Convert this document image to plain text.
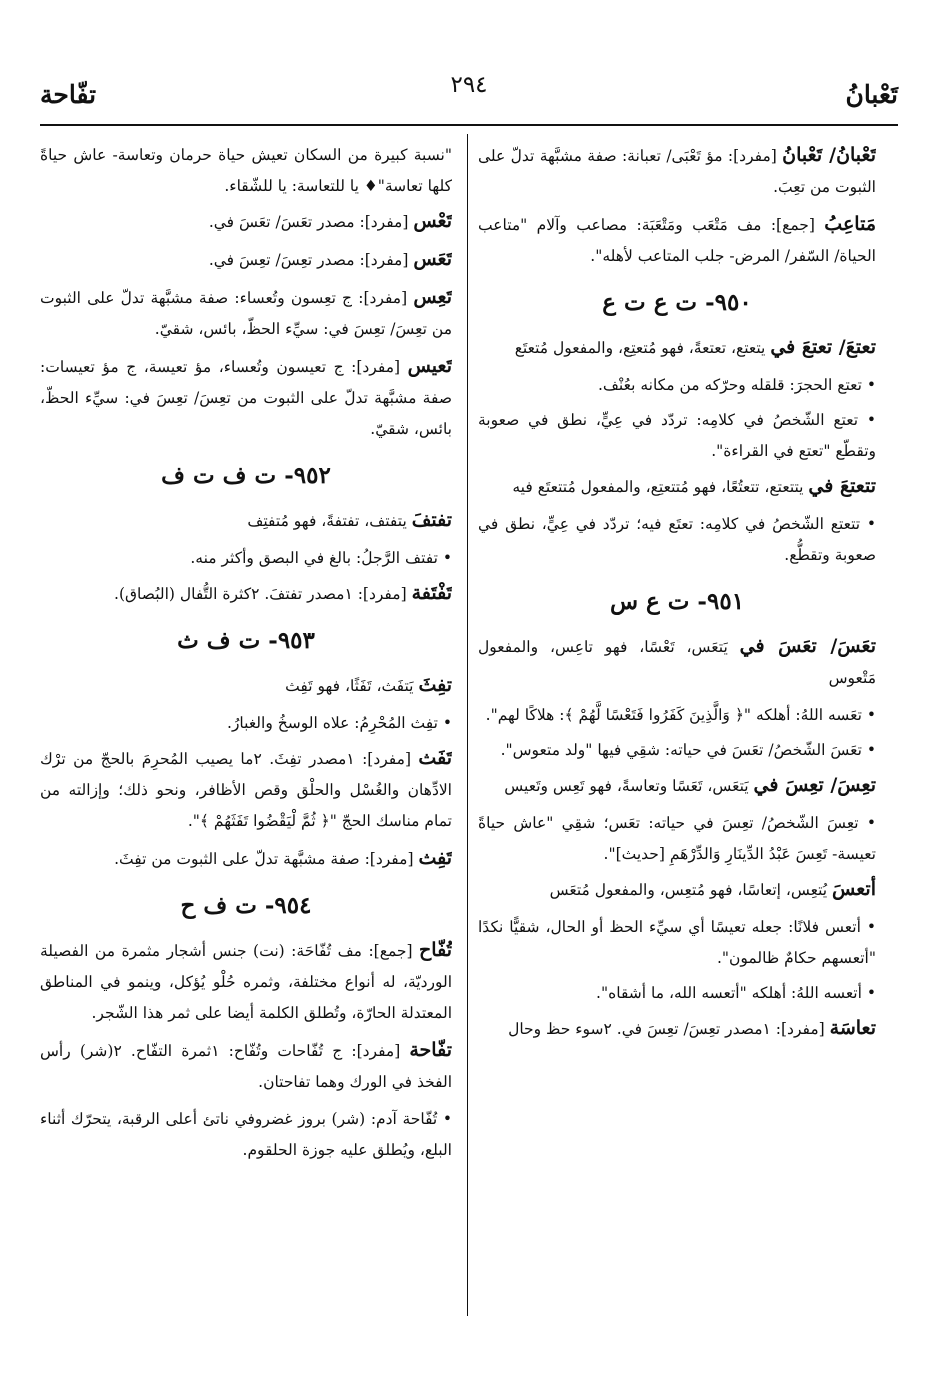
تَعْبانُ
٢٩٤
تفّاحة
تَعْبانُ/ تَعْبانُ [مفرد]: مؤ تَعْبَى/ تعبانة: صفة مشبَّهة تدلّ على الثبوت من تعِبَ.
مَتاعِبُ [جمع]: مف مَتْعَب ومَتْعَبَة: مصاعب وآلام "متاعب الحياة/ السّفر/ المرض- جلب المتاعب لأهله".
٩٥٠- ت ع ت ع
تعتعَ/ تعتعَ في يتعتع، تعتعةً، فهو مُتعتِع، والمفعول مُتعتَع
• تعتع الحجرَ: قلقله وحرّكه من مكانه بعُنْف.
• تعتع الشّخصُ في كلامِه: تردّد في عِيٍّ، نطق في صعوبة وتقطّع "تعتع في القراءة".
تتعتعَ في يتتعتع، تتعتُعًا، فهو مُتتعتِع، والمفعول مُتتعتَع فيه
• تتعتع الشّخصُ في كلامِه: تعتَع فيه؛ تردّد في عِيٍّ، نطق في صعوبة وتقطُّع.
٩٥١- ت ع س
تعَسَ/ تعَسَ في يَتعَس، تَعْسًا، فهو تاعِس، والمفعول مَتْعوس
• تعَسه اللهُ: أهلكه "﴿ وَالَّذِينَ كَفَرُوا فَتَعْسًا لَّهُمْ ﴾: هلاكًا لهم".
• تعَسَ الشّخصُ/ تعَسَ في حياته: شقِي فيها "ولد متعوس".
تعِسَ/ تعِسَ في يَتعَس، تَعَسًا وتعاسةً، فهو تَعِس وتَعيس
• تعِسَ الشّخصُ/ تعِسَ في حياته: تعَس؛ شقِي "عاش حياةً تعيسة- تَعِسَ عَبْدُ الدِّينَارِ وَالدِّرْهَمِ [حديث]".
أتعسَ يُتعِس، إتعاسًا، فهو مُتعِس، والمفعول مُتعَس
• أتعس فلانًا: جعله تعيسًا أي سيِّء الحظ أو الحال، شقيًّا نكدًا "أتعسهم حكامٌ ظالمون".
• أتعسه اللهُ: أهلكه "أتعسه الله، ما أشقاه".
تعاسَة [مفرد]: ١مصدر تعِسَ/ تعِسَ في. ٢سوء حظ وحال
"نسبة كبيرة من السكان تعيش حياة حرمان وتعاسة- عاش حياةً كلها تعاسة"♦ يا للتعاسة: يا للشّقاء.
تَعْس [مفرد]: مصدر تعَسَ/ تعَسَ في.
تَعَس [مفرد]: مصدر تعِسَ/ تعِسَ في.
تَعِس [مفرد]: ج تعِسون وتُعساء: صفة مشبَّهة تدلّ على الثبوت من تعِسَ/ تعِسَ في: سيِّء الحظّ، بائس، شقيّ.
تَعيس [مفرد]: ج تعيسون وتُعساء، مؤ تعيسة، ج مؤ تعيسات: صفة مشبَّهة تدلّ على الثبوت من تعِسَ/ تعِسَ في: سيِّء الحظّ، بائس، شقيّ.
٩٥٢- ت ف ت ف
تفتفَ يتفتف، تفتفةً، فهو مُتفتِف
• تفتف الرَّجلُ: بالغ في البصق وأكثر منه.
تَفْتَفة [مفرد]: ١مصدر تفتفَ. ٢كثرة التُّفال (البُصاق).
٩٥٣- ت ف ث
تفِثَ يَتفَث، تَفَثًا، فهو تَفِث
• تفِث المُحْرِمُ: علاه الوسخُ والغبارُ.
تَفَث [مفرد]: ١مصدر تفِثَ. ٢ما يصيب المُحرِمَ بالحجّ من ترْك الادِّهان والغُسْل والحلْق وقص الأظافر، ونحو ذلك؛ وإزالته من تمام مناسك الحجّ "﴿ ثُمَّ لْيَقْضُوا تَفَثَهُمْ ﴾".
تَفِث [مفرد]: صفة مشبَّهة تدلّ على الثبوت من تفِثَ.
٩٥٤- ت ف ح
تُفّاح [جمع]: مف تُفّاحَة: (نت) جنس أشجار مثمرة من الفصيلة الورديّة، له أنواع مختلفة، وثمره حُلْو يُؤكل، وينمو في المناطق المعتدلة الحارّة، وتُطلق الكلمة أيضا على ثمر هذا الشّجر.
تفّاحة [مفرد]: ج تُفّاحات وتُفّاح: ١ثمرة التفّاح. ٢(شر) رأس الفخذ في الورك وهما تفاحتان.
• تُفّاحة آدم: (شر) بروز غضروفي ناتئ أعلى الرقبة، يتحرّك أثناء البلع، ويُطلق عليه جوزة الحلقوم.
